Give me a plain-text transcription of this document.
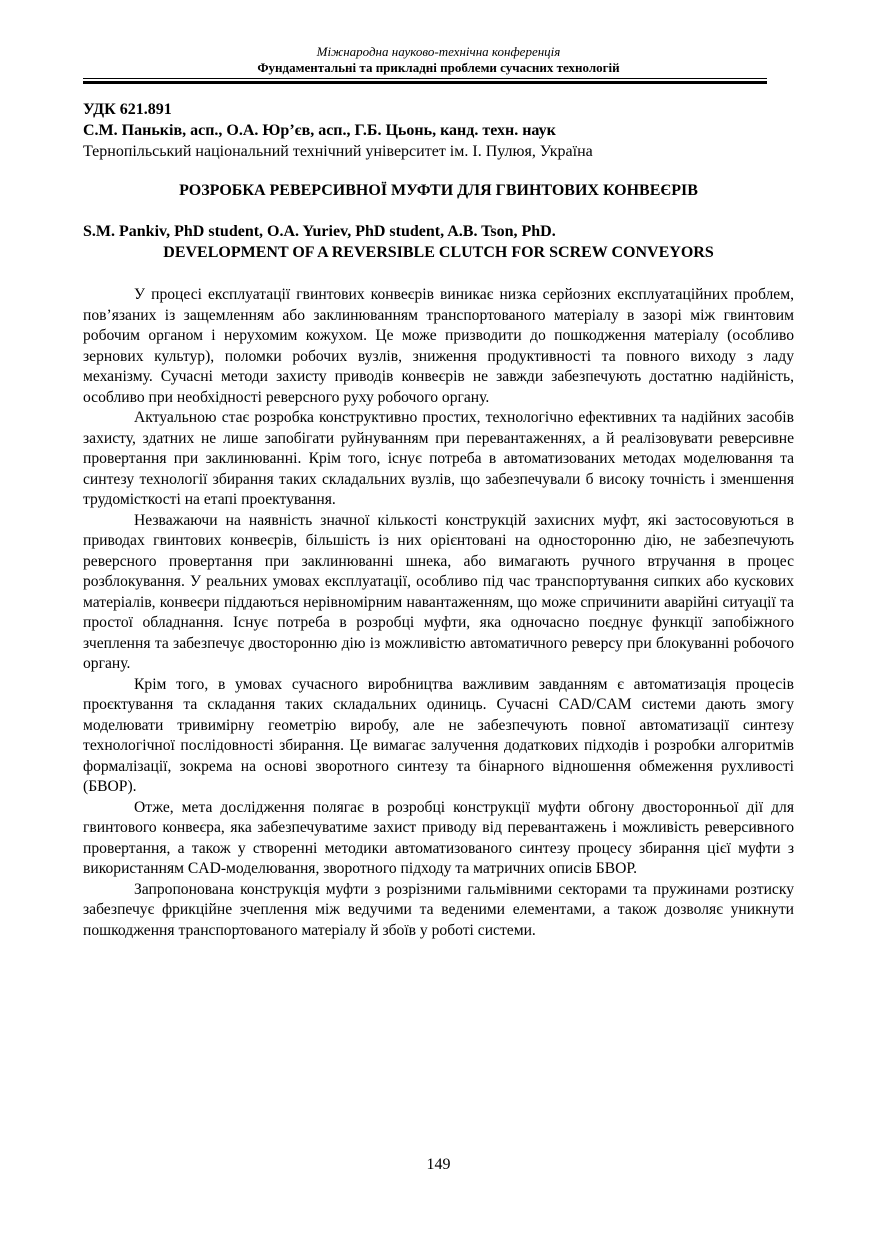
Міжнародна науково-технічна конференція
Фундаментальні та прикладні проблеми сучасних технологій
УДК 621.891
С.М. Паньків, асп., О.А. Юр’єв, асп., Г.Б. Цьонь, канд. техн. наук
Тернопільський національний технічний університет ім. І. Пулюя, Україна
РОЗРОБКА РЕВЕРСИВНОЇ МУФТИ ДЛЯ ГВИНТОВИХ КОНВЕЄРІВ
S.M. Pankiv, PhD student, O.A. Yuriev, PhD student, A.B. Tson, PhD.
DEVELOPMENT OF A REVERSIBLE CLUTCH FOR SCREW CONVEYORS

У процесі експлуатації гвинтових конвеєрів виникає низка серйозних експлуатаційних проблем, пов’язаних із защемленням або заклинюванням транспортованого матеріалу в зазорі між гвинтовим робочим органом і нерухомим кожухом. Це може призводити до пошкодження матеріалу (особливо зернових культур), поломки робочих вузлів, зниження продуктивності та повного виходу з ладу механізму. Сучасні методи захисту приводів конвеєрів не завжди забезпечують достатню надійність, особливо при необхідності реверсного руху робочого органу.

Актуальною стає розробка конструктивно простих, технологічно ефективних та надійних засобів захисту, здатних не лише запобігати руйнуванням при перевантаженнях, а й реалізовувати реверсивне провертання при заклинюванні. Крім того, існує потреба в автоматизованих методах моделювання та синтезу технології збирання таких складальних вузлів, що забезпечували б високу точність і зменшення трудомісткості на етапі проектування.

Незважаючи на наявність значної кількості конструкцій захисних муфт, які застосовуються в приводах гвинтових конвеєрів, більшість із них орієнтовані на односторонню дію, не забезпечують реверсного провертання при заклинюванні шнека, або вимагають ручного втручання в процес розблокування. У реальних умовах експлуатації, особливо під час транспортування сипких або кускових матеріалів, конвеєри піддаються нерівномірним навантаженням, що може спричинити аварійні ситуації та простої обладнання. Існує потреба в розробці муфти, яка одночасно поєднує функції запобіжного зчеплення та забезпечує двосторонню дію із можливістю автоматичного реверсу при блокуванні робочого органу.

Крім того, в умовах сучасного виробництва важливим завданням є автоматизація процесів проєктування та складання таких складальних одиниць. Сучасні CAD/CAM системи дають змогу моделювати тривимірну геометрію виробу, але не забезпечують повної автоматизації синтезу технологічної послідовності збирання. Це вимагає залучення додаткових підходів і розробки алгоритмів формалізації, зокрема на основі зворотного синтезу та бінарного відношення обмеження рухливості (БВОР).

Отже, мета дослідження полягає в розробці конструкції муфти обгону двосторонньої дії для гвинтового конвеєра, яка забезпечуватиме захист приводу від перевантажень і можливість реверсивного провертання, а також у створенні методики автоматизованого синтезу процесу збирання цієї муфти з використанням CAD-моделювання, зворотного підходу та матричних описів БВОР.

Запропонована конструкція муфти з розрізними гальмівними секторами та пружинами розтиску забезпечує фрикційне зчеплення між ведучими та веденими елементами, а також дозволяє уникнути пошкодження транспортованого матеріалу й збоїв у роботі системи.

149
